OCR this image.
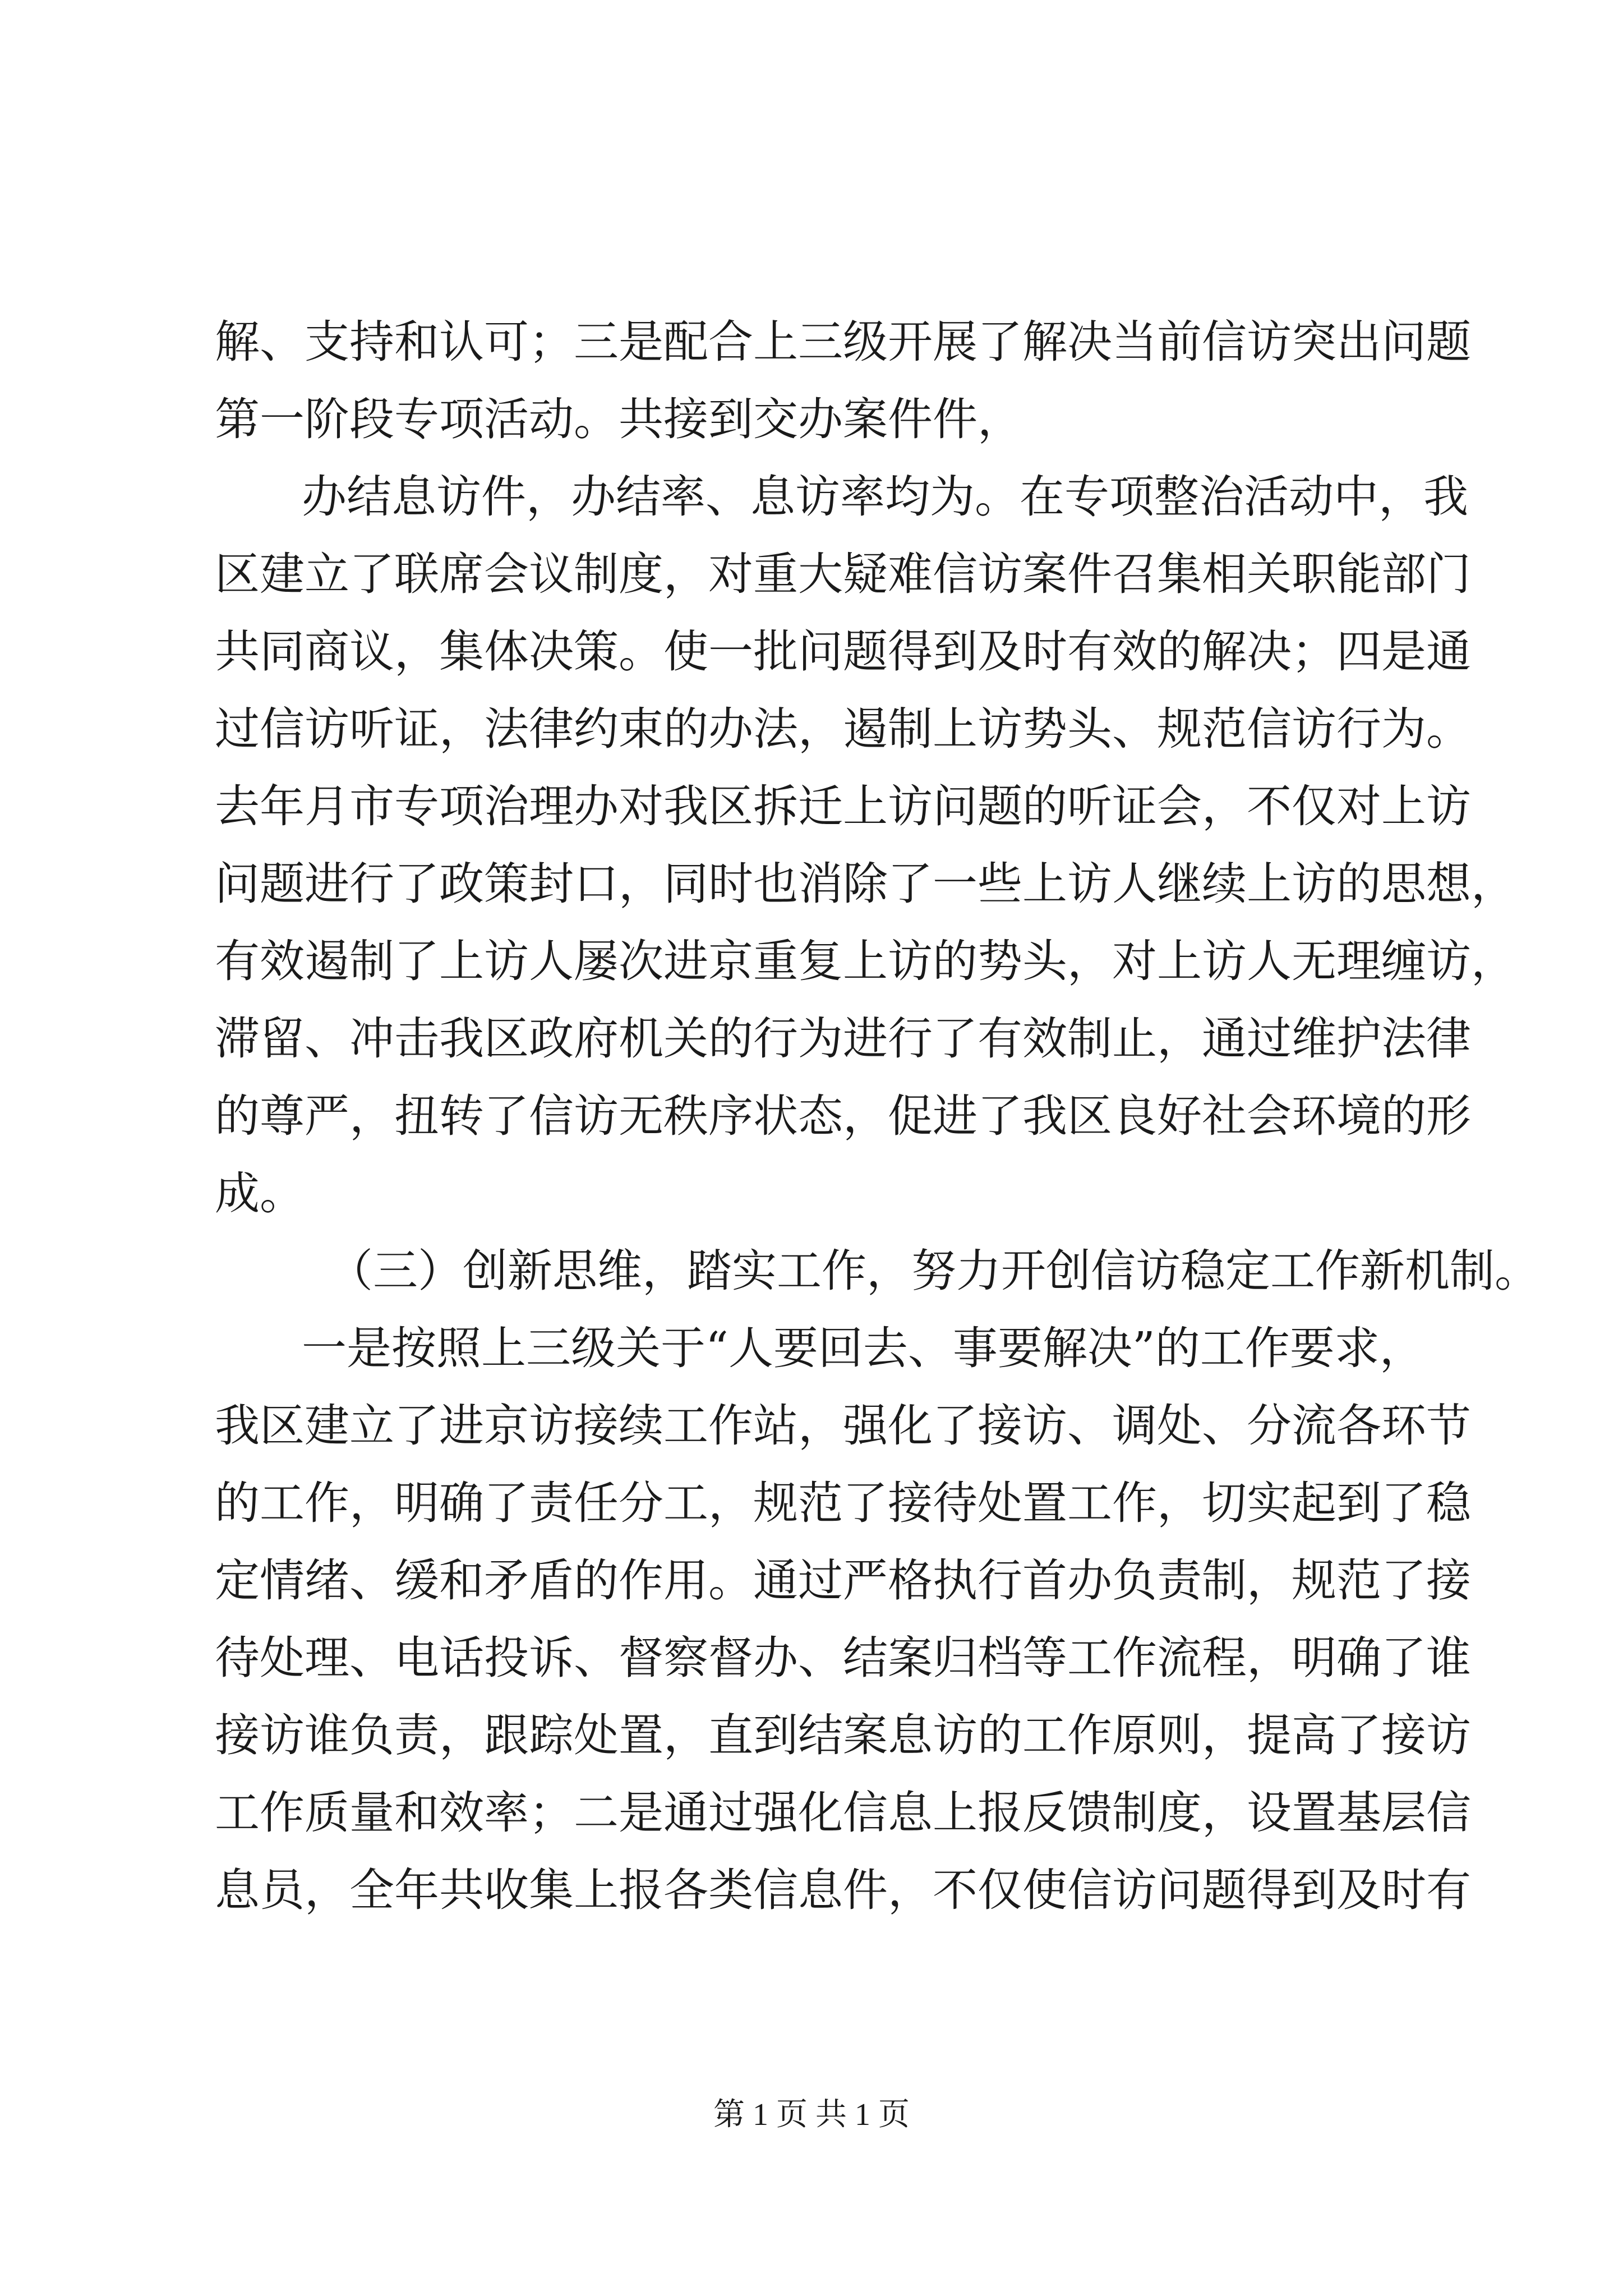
解、支持和认可；三是配合上三级开展了解决当前信访突出问题
第一阶段专项活动。共接到交办案件件，
办结息访件，办结率、息访率均为。在专项整治活动中，我
区建立了联席会议制度，对重大疑难信访案件召集相关职能部门
共同商议，集体决策。使一批问题得到及时有效的解决；四是通
过信访听证，法律约束的办法，遏制上访势头、规范信访行为。
去年月市专项治理办对我区拆迁上访问题的听证会，不仅对上访
问题进行了政策封口，同时也消除了一些上访人继续上访的思想，
有效遏制了上访人屡次进京重复上访的势头，对上访人无理缠访，
滞留、冲击我区政府机关的行为进行了有效制止，通过维护法律
的尊严，扭转了信访无秩序状态，促进了我区良好社会环境的形
成。
（三）创新思维，踏实工作，努力开创信访稳定工作新机制。
一是按照上三级关于“人要回去、事要解决”的工作要求，
我区建立了进京访接续工作站，强化了接访、调处、分流各环节
的工作，明确了责任分工，规范了接待处置工作，切实起到了稳
定情绪、缓和矛盾的作用。通过严格执行首办负责制，规范了接
待处理、电话投诉、督察督办、结案归档等工作流程，明确了谁
接访谁负责，跟踪处置，直到结案息访的工作原则，提高了接访
工作质量和效率；二是通过强化信息上报反馈制度，设置基层信
息员，全年共收集上报各类信息件，不仅使信访问题得到及时有
第 1 页 共 1 页
